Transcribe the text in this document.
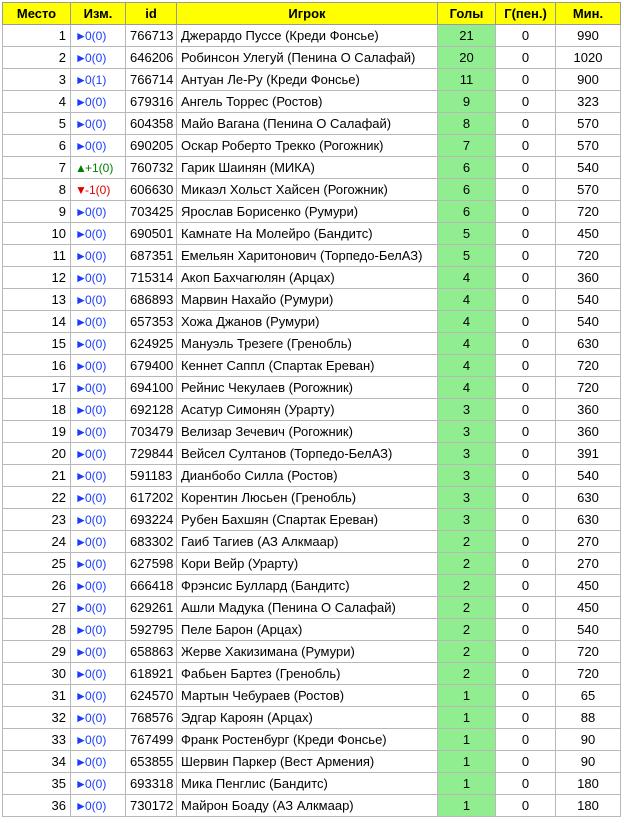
Место	Изм.	id	Игрок	Голы	Г(пен.)	Мин.
1	►0(0)	766713	Джерардо Пуссе (Креди Фонсье)	21	0	990
2	►0(0)	646206	Робинсон Улегуй (Пенина О Салафай)	20	0	1020
3	►0(1)	766714	Антуан Ле-Ру (Креди Фонсье)	11	0	900
4	►0(0)	679316	Ангель Торрес (Ростов)	9	0	323
5	►0(0)	604358	Майо Вагана (Пенина О Салафай)	8	0	570
6	►0(0)	690205	Оскар Роберто Трекко (Рогожник)	7	0	570
7	▲+1(0)	760732	Гарик Шаинян (МИКА)	6	0	540
8	▼-1(0)	606630	Микаэл Хольст Хайсен (Рогожник)	6	0	570
9	►0(0)	703425	Ярослав Борисенко (Румури)	6	0	720
10	►0(0)	690501	Камнате На Молейро (Бандитс)	5	0	450
11	►0(0)	687351	Емельян Харитонович (Торпедо-БелАЗ)	5	0	720
12	►0(0)	715314	Акоп Бахчагюлян (Арцах)	4	0	360
13	►0(0)	686893	Марвин Нахайо (Румури)	4	0	540
14	►0(0)	657353	Хожа Джанов (Румури)	4	0	540
15	►0(0)	624925	Мануэль Трезеге (Гренобль)	4	0	630
16	►0(0)	679400	Кеннет Саппл (Спартак Ереван)	4	0	720
17	►0(0)	694100	Рейнис Чекулаев (Рогожник)	4	0	720
18	►0(0)	692128	Асатур Симонян (Урарту)	3	0	360
19	►0(0)	703479	Велизар Зечевич (Рогожник)	3	0	360
20	►0(0)	729844	Вейсел Султанов (Торпедо-БелАЗ)	3	0	391
21	►0(0)	591183	Дианбобо Силла (Ростов)	3	0	540
22	►0(0)	617202	Корентин Люсьен (Гренобль)	3	0	630
23	►0(0)	693224	Рубен Бахшян (Спартак Ереван)	3	0	630
24	►0(0)	683302	Гаиб Тагиев (АЗ Алкмаар)	2	0	270
25	►0(0)	627598	Кори Вейр (Урарту)	2	0	270
26	►0(0)	666418	Фрэнсис Буллард (Бандитс)	2	0	450
27	►0(0)	629261	Ашли Мадука (Пенина О Салафай)	2	0	450
28	►0(0)	592795	Пеле Барон (Арцах)	2	0	540
29	►0(0)	658863	Жерве Хакизимана (Румури)	2	0	720
30	►0(0)	618921	Фабьен Бартез (Гренобль)	2	0	720
31	►0(0)	624570	Мартын Чебураев (Ростов)	1	0	65
32	►0(0)	768576	Эдгар Кароян (Арцах)	1	0	88
33	►0(0)	767499	Франк Ростенбург (Креди Фонсье)	1	0	90
34	►0(0)	653855	Шервин Паркер (Вест Армения)	1	0	90
35	►0(0)	693318	Мика Пенглис (Бандитс)	1	0	180
36	►0(0)	730172	Майрон Боаду (АЗ Алкмаар)	1	0	180
